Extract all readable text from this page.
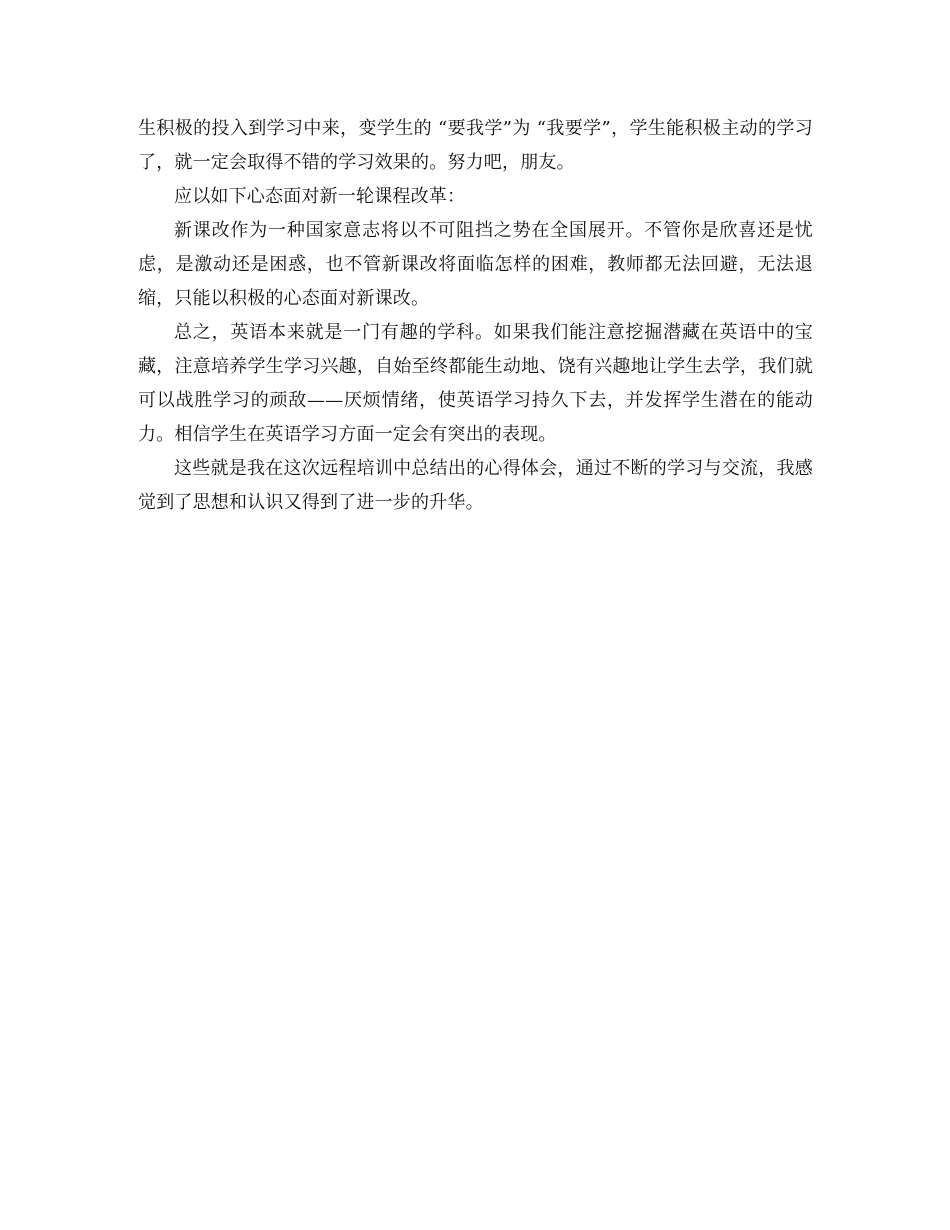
生积极的投入到学习中来，变学生的 “要我学”为 “我要学”，学生能积极主动的学习了，就一定会取得不错的学习效果的。努力吧，朋友。

应以如下心态面对新一轮课程改革：

新课改作为一种国家意志将以不可阻挡之势在全国展开。不管你是欣喜还是忧虑，是激动还是困惑，也不管新课改将面临怎样的困难，教师都无法回避，无法退缩，只能以积极的心态面对新课改。

总之，英语本来就是一门有趣的学科。如果我们能注意挖掘潜藏在英语中的宝藏，注意培养学生学习兴趣，自始至终都能生动地、饶有兴趣地让学生去学，我们就可以战胜学习的顽敌——厌烦情绪，使英语学习持久下去，并发挥学生潜在的能动力。相信学生在英语学习方面一定会有突出的表现。

这些就是我在这次远程培训中总结出的心得体会，通过不断的学习与交流，我感觉到了思想和认识又得到了进一步的升华。
